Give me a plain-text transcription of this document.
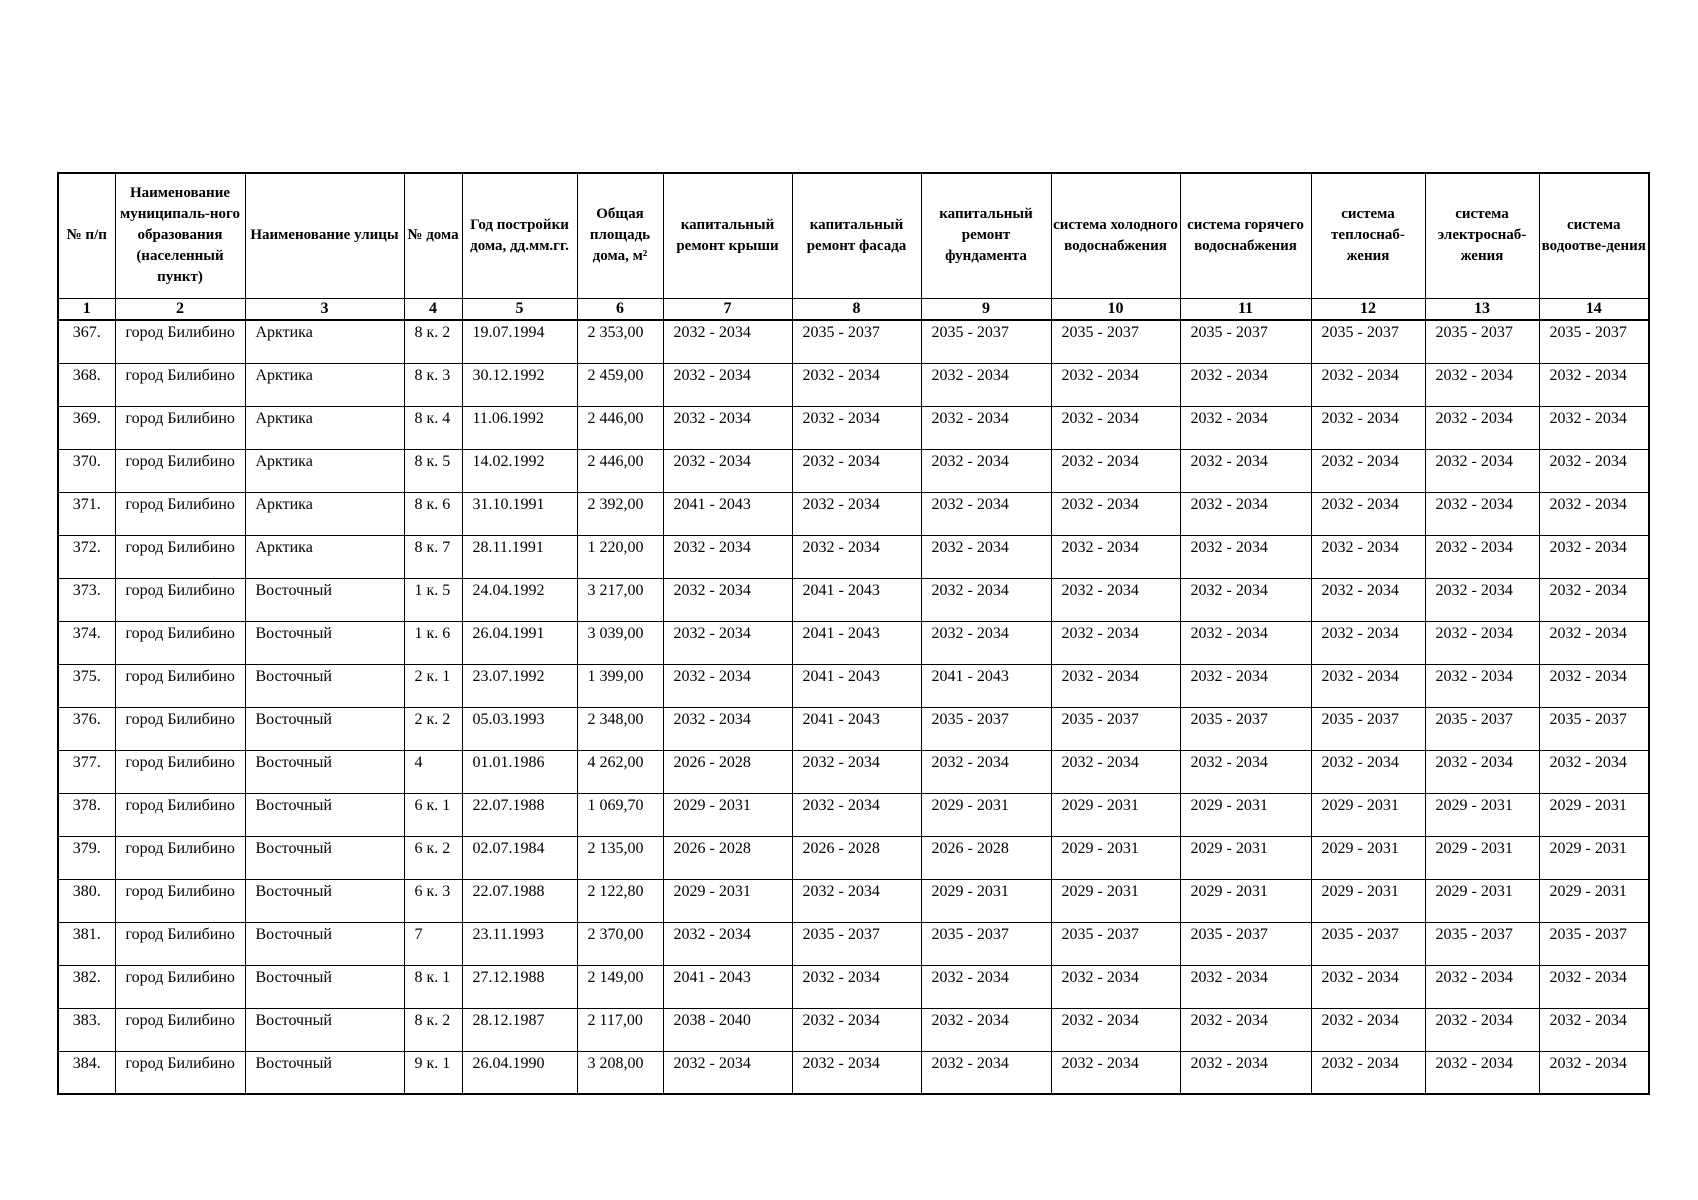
№ п/п	Наименование муниципаль-ного образования (населенный пункт)	Наименование улицы	№ дома	Год постройки дома, дд.мм.гг.	Общая площадь дома, м²	капитальный ремонт крыши	капитальный ремонт фасада	капитальный ремонт фундамента	система холодного водоснабжения	система горячего водоснабжения	система теплоснаб-жения	система электроснаб-жения	система водоотве-дения
1	2	3	4	5	6	7	8	9	10	11	12	13	14
367.	город Билибино	Арктика	8 к. 2	19.07.1994	2 353,00	2032 - 2034	2035 - 2037	2035 - 2037	2035 - 2037	2035 - 2037	2035 - 2037	2035 - 2037	2035 - 2037
368.	город Билибино	Арктика	8 к. 3	30.12.1992	2 459,00	2032 - 2034	2032 - 2034	2032 - 2034	2032 - 2034	2032 - 2034	2032 - 2034	2032 - 2034	2032 - 2034
369.	город Билибино	Арктика	8 к. 4	11.06.1992	2 446,00	2032 - 2034	2032 - 2034	2032 - 2034	2032 - 2034	2032 - 2034	2032 - 2034	2032 - 2034	2032 - 2034
370.	город Билибино	Арктика	8 к. 5	14.02.1992	2 446,00	2032 - 2034	2032 - 2034	2032 - 2034	2032 - 2034	2032 - 2034	2032 - 2034	2032 - 2034	2032 - 2034
371.	город Билибино	Арктика	8 к. 6	31.10.1991	2 392,00	2041 - 2043	2032 - 2034	2032 - 2034	2032 - 2034	2032 - 2034	2032 - 2034	2032 - 2034	2032 - 2034
372.	город Билибино	Арктика	8 к. 7	28.11.1991	1 220,00	2032 - 2034	2032 - 2034	2032 - 2034	2032 - 2034	2032 - 2034	2032 - 2034	2032 - 2034	2032 - 2034
373.	город Билибино	Восточный	1 к. 5	24.04.1992	3 217,00	2032 - 2034	2041 - 2043	2032 - 2034	2032 - 2034	2032 - 2034	2032 - 2034	2032 - 2034	2032 - 2034
374.	город Билибино	Восточный	1 к. 6	26.04.1991	3 039,00	2032 - 2034	2041 - 2043	2032 - 2034	2032 - 2034	2032 - 2034	2032 - 2034	2032 - 2034	2032 - 2034
375.	город Билибино	Восточный	2 к. 1	23.07.1992	1 399,00	2032 - 2034	2041 - 2043	2041 - 2043	2032 - 2034	2032 - 2034	2032 - 2034	2032 - 2034	2032 - 2034
376.	город Билибино	Восточный	2 к. 2	05.03.1993	2 348,00	2032 - 2034	2041 - 2043	2035 - 2037	2035 - 2037	2035 - 2037	2035 - 2037	2035 - 2037	2035 - 2037
377.	город Билибино	Восточный	4	01.01.1986	4 262,00	2026 - 2028	2032 - 2034	2032 - 2034	2032 - 2034	2032 - 2034	2032 - 2034	2032 - 2034	2032 - 2034
378.	город Билибино	Восточный	6 к. 1	22.07.1988	1 069,70	2029 - 2031	2032 - 2034	2029 - 2031	2029 - 2031	2029 - 2031	2029 - 2031	2029 - 2031	2029 - 2031
379.	город Билибино	Восточный	6 к. 2	02.07.1984	2 135,00	2026 - 2028	2026 - 2028	2026 - 2028	2029 - 2031	2029 - 2031	2029 - 2031	2029 - 2031	2029 - 2031
380.	город Билибино	Восточный	6 к. 3	22.07.1988	2 122,80	2029 - 2031	2032 - 2034	2029 - 2031	2029 - 2031	2029 - 2031	2029 - 2031	2029 - 2031	2029 - 2031
381.	город Билибино	Восточный	7	23.11.1993	2 370,00	2032 - 2034	2035 - 2037	2035 - 2037	2035 - 2037	2035 - 2037	2035 - 2037	2035 - 2037	2035 - 2037
382.	город Билибино	Восточный	8 к. 1	27.12.1988	2 149,00	2041 - 2043	2032 - 2034	2032 - 2034	2032 - 2034	2032 - 2034	2032 - 2034	2032 - 2034	2032 - 2034
383.	город Билибино	Восточный	8 к. 2	28.12.1987	2 117,00	2038 - 2040	2032 - 2034	2032 - 2034	2032 - 2034	2032 - 2034	2032 - 2034	2032 - 2034	2032 - 2034
384.	город Билибино	Восточный	9 к. 1	26.04.1990	3 208,00	2032 - 2034	2032 - 2034	2032 - 2034	2032 - 2034	2032 - 2034	2032 - 2034	2032 - 2034	2032 - 2034
